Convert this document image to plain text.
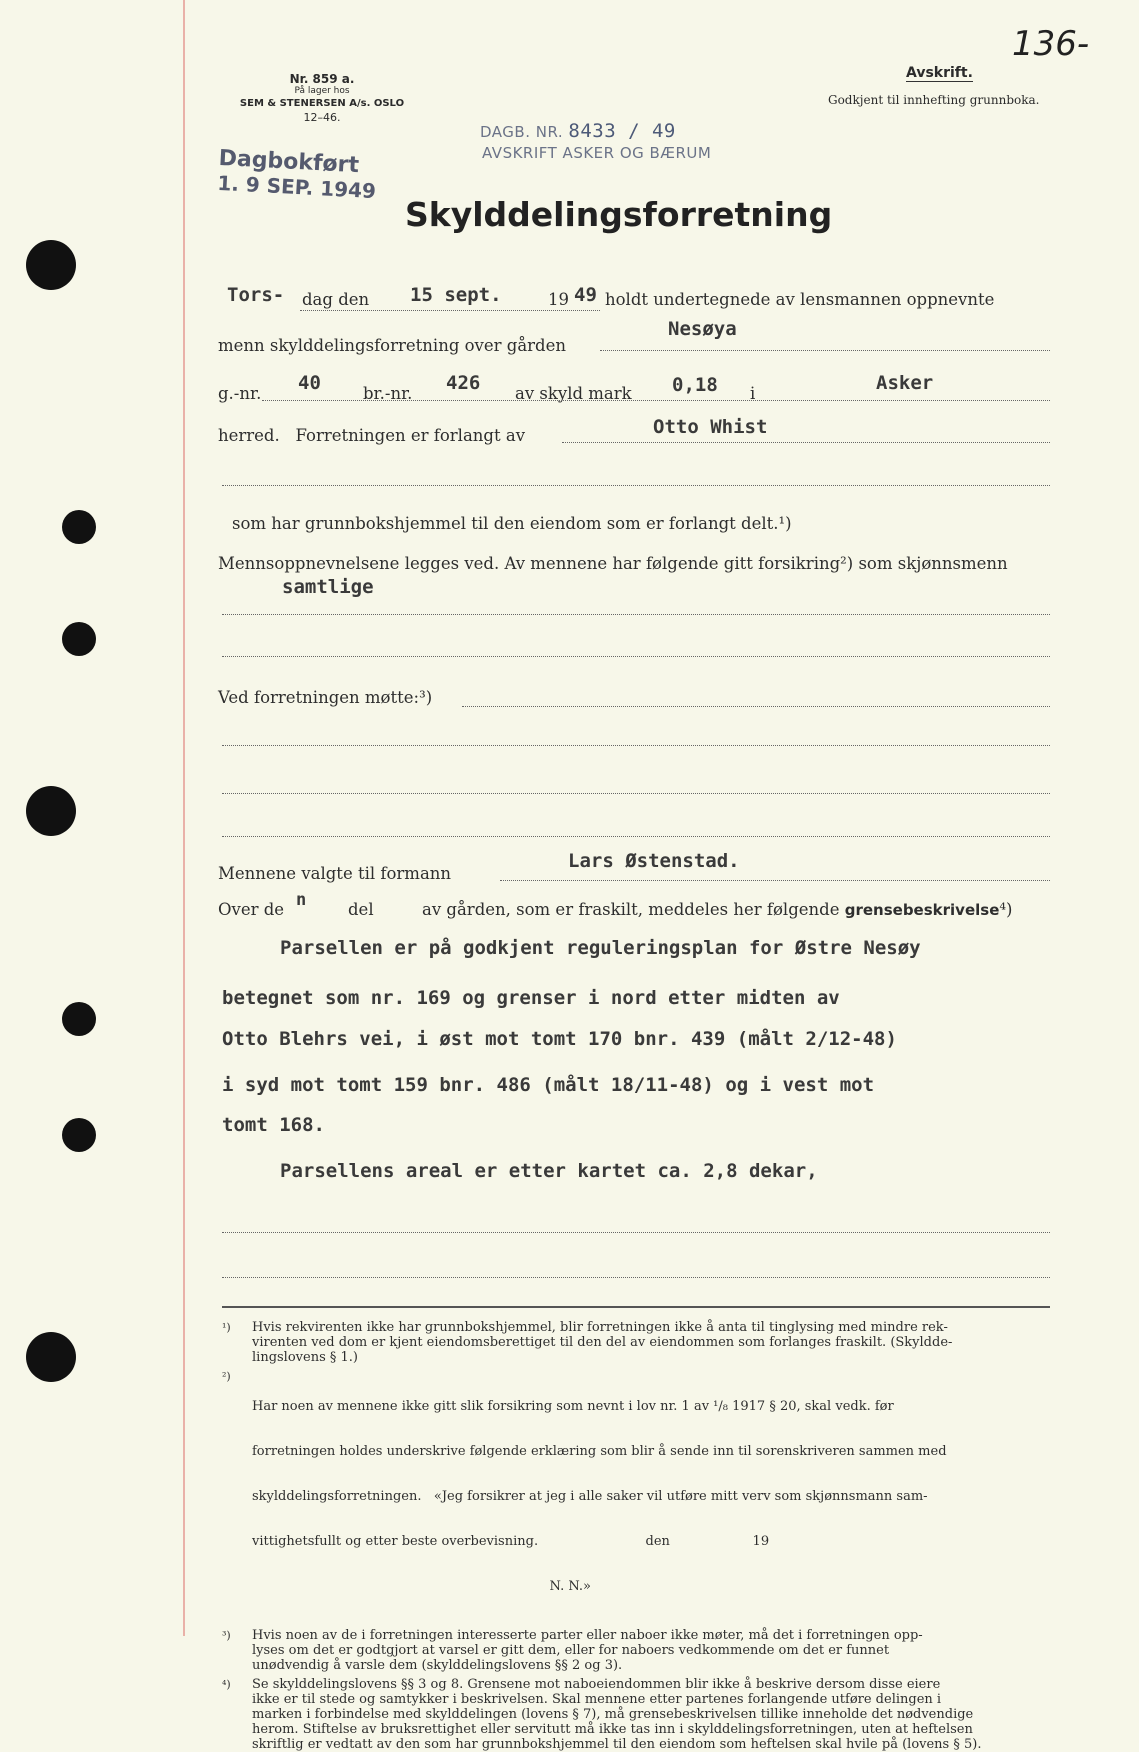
Nr. 859 a.
På lager hos
SEM & STENERSEN A/s. OSLO
12–46.
Avskrift.
Godkjent til innhefting grunnboka.
136-
DAGB. NR. 8433 / 49
AVSKRIFT ASKER OG BÆRUM
Dagbokført
1. 9 SEP. 1949
Skylddelingsforretning
Tors- dag den 15 sept.	19 49 holdt undertegnede av lensmannen oppnevnte
menn skylddelingsforretning over gården
Nesøya
g.-nr. 40	br.-nr. 426 av skyld mark 0,18 i	Asker
herred.   Forretningen er forlangt av	Otto Whist
som har grunnbokshjemmel til den eiendom som er forlangt delt.¹)
Mennsoppnevnelsene legges ved. Av mennene har følgende gitt forsikring²) som skjønnsmenn
samtlige
Ved forretningen møtte:³)
Mennene valgte til formann
Lars Østenstad.
Over de n	del	av gården, som er fraskilt, meddeles her følgende grensebeskrivelse⁴)
Parsellen er på godkjent reguleringsplan for Østre Nesøy
betegnet som nr. 169 og grenser i nord etter midten av
Otto Blehrs vei, i øst mot tomt 170 bnr. 439 (målt 2/12-48)
i syd mot tomt 159 bnr. 486 (målt 18/11-48) og i vest mot
tomt 168.
Parsellens areal er etter kartet ca. 2,8 dekar,
¹)	Hvis rekvirenten ikke har grunnbokshjemmel, blir forretningen ikke å anta til tinglysing med mindre rek-
virenten ved dom er kjent eiendomsberettiget til den del av eiendommen som forlanges fraskilt. (Skyldde-
lingslovens § 1.)
²)

Har noen av mennene ikke gitt slik forsikring som nevnt i lov nr. 1 av ¹/₈ 1917 § 20, skal vedk. før

forretningen holdes underskrive følgende erklæring som blir å sende inn til sorenskriveren sammen med

skylddelingsforretningen.   «Jeg forsikrer at jeg i alle saker vil utføre mitt verv som skjønnsmann sam-

vittighetsfullt og etter beste overbevisning.                          den                    19

N. N.»

³)	Hvis noen av de i forretningen interesserte parter eller naboer ikke møter, må det i forretningen opp-
lyses om det er godtgjort at varsel er gitt dem, eller for naboers vedkommende om det er funnet
unødvendig å varsle dem (skylddelingslovens §§ 2 og 3).
⁴)	Se skylddelingslovens §§ 3 og 8. Grensene mot naboeiendommen blir ikke å beskrive dersom disse eiere
ikke er til stede og samtykker i beskrivelsen. Skal mennene etter partenes forlangende utføre delingen i
marken i forbindelse med skylddelingen (lovens § 7), må grensebeskrivelsen tillike inneholde det nødvendige
herom. Stiftelse av bruksrettighet eller servitutt må ikke tas inn i skylddelingsforretningen, uten at heftelsen
skriftlig er vedtatt av den som har grunnbokshjemmel til den eiendom som heftelsen skal hvile på (lovens § 5).
